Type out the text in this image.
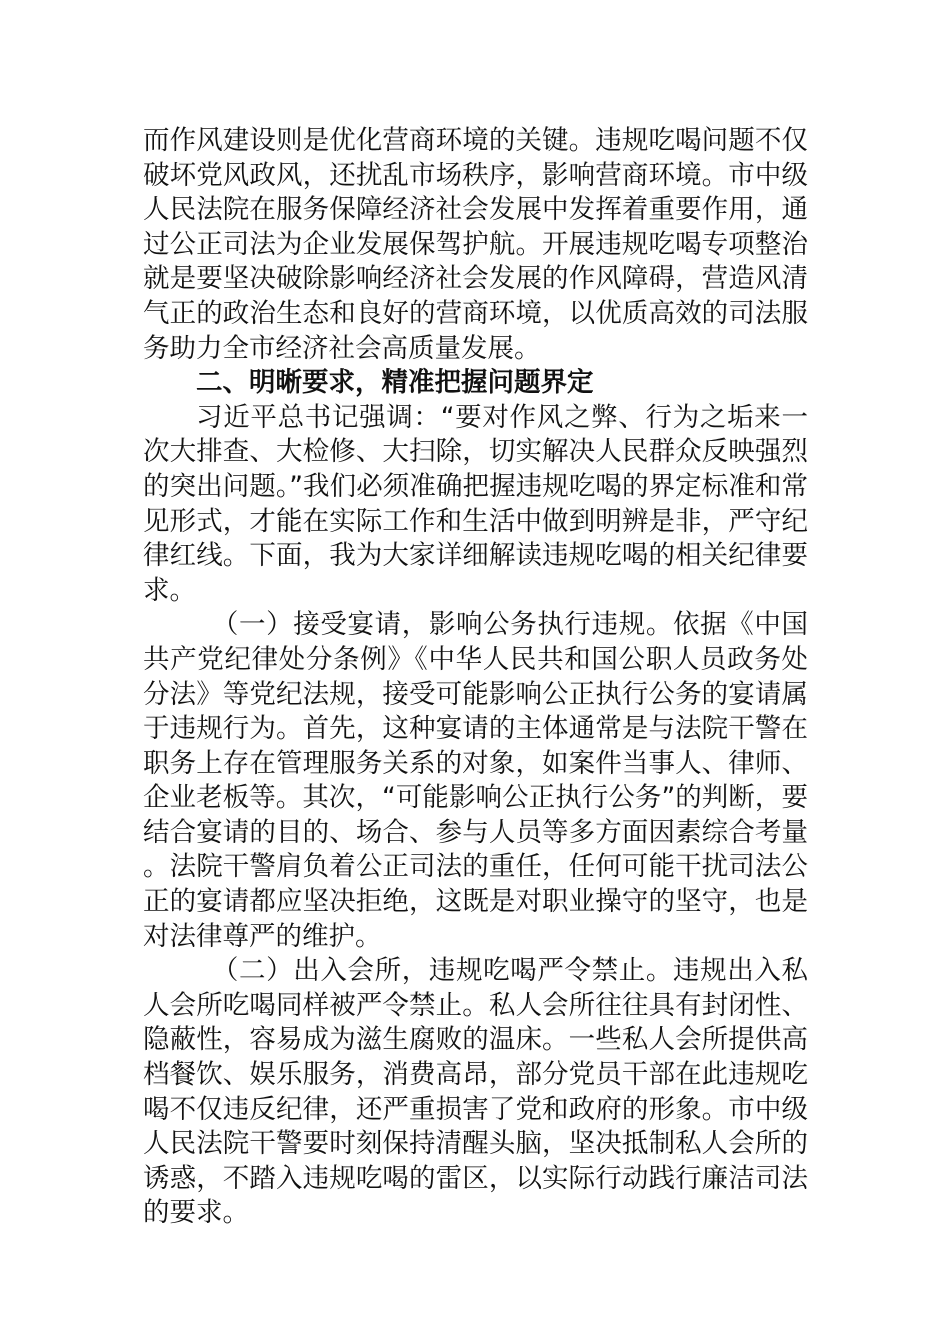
而作风建设则是优化营商环境的关键。违规吃喝问题不仅破坏党风政风，还扰乱市场秩序，影响营商环境。市中级人民法院在服务保障经济社会发展中发挥着重要作用，通过公正司法为企业发展保驾护航。开展违规吃喝专项整治就是要坚决破除影响经济社会发展的作风障碍，营造风清气正的政治生态和良好的营商环境，以优质高效的司法服务助力全市经济社会高质量发展。

二、明晰要求，精准把握问题界定

习近平总书记强调：“要对作风之弊、行为之垢来一次大排查、大检修、大扫除，切实解决人民群众反映强烈的突出问题。”我们必须准确把握违规吃喝的界定标准和常见形式，才能在实际工作和生活中做到明辨是非，严守纪律红线。下面，我为大家详细解读违规吃喝的相关纪律要求。

（一）接受宴请，影响公务执行违规。依据《中国共产党纪律处分条例》《中华人民共和国公职人员政务处分法》等党纪法规，接受可能影响公正执行公务的宴请属于违规行为。首先，这种宴请的主体通常是与法院干警在职务上存在管理服务关系的对象，如案件当事人、律师、企业老板等。其次，“可能影响公正执行公务”的判断，要结合宴请的目的、场合、参与人员等多方面因素综合考量。法院干警肩负着公正司法的重任，任何可能干扰司法公正的宴请都应坚决拒绝，这既是对职业操守的坚守，也是对法律尊严的维护。

（二）出入会所，违规吃喝严令禁止。违规出入私人会所吃喝同样被严令禁止。私人会所往往具有封闭性、隐蔽性，容易成为滋生腐败的温床。一些私人会所提供高档餐饮、娱乐服务，消费高昂，部分党员干部在此违规吃喝不仅违反纪律，还严重损害了党和政府的形象。市中级人民法院干警要时刻保持清醒头脑，坚决抵制私人会所的诱惑，不踏入违规吃喝的雷区，以实际行动践行廉洁司法的要求。
